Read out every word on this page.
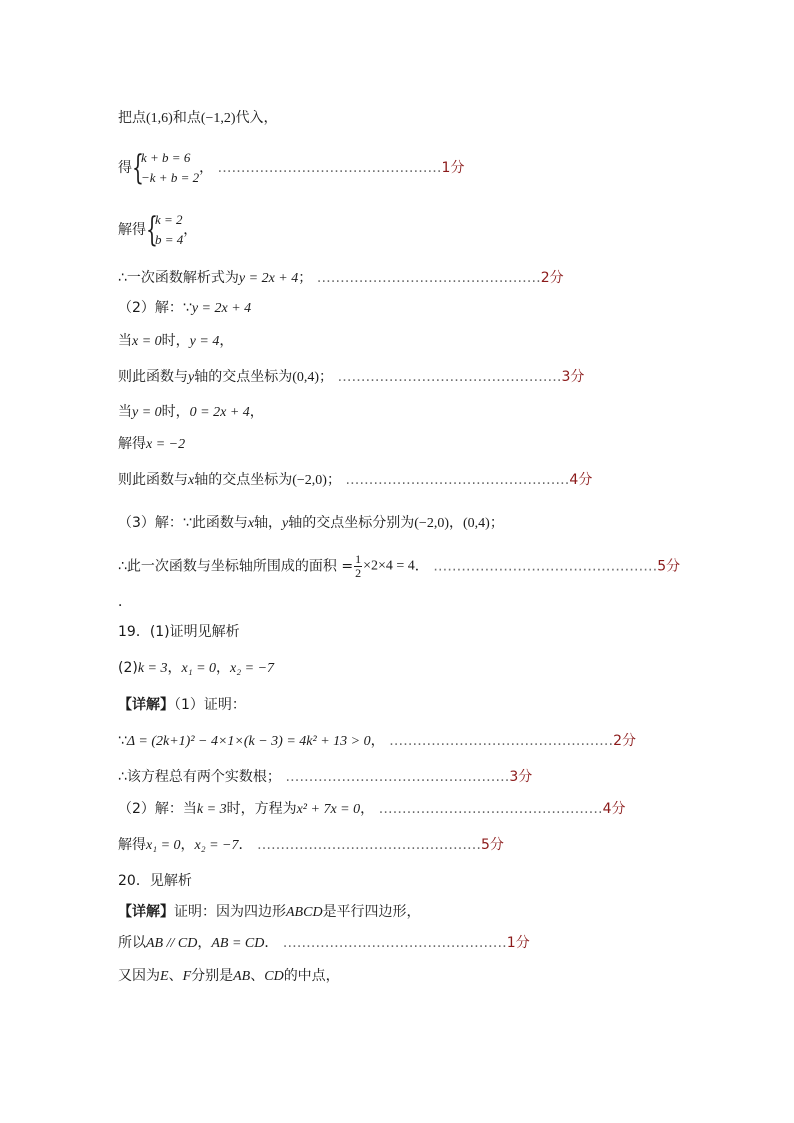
把点(1,6)和点(−1,2)代入，
得 {
k + b = 6
−k + b = 2
， …………………………………………1分
解得 {
k = 2
b = 4
，
∴一次函数解析式为y = 2x + 4； …………………………………………2分
（2）解：∵y = 2x + 4
当x = 0时，y = 4，
则此函数与y轴的交点坐标为(0,4)； …………………………………………3分
当y = 0时，0 = 2x + 4，
解得x = −2
则此函数与x轴的交点坐标为(−2,0)； …………………………………………4分
（3）解：∵此函数与x轴，y轴的交点坐标分别为(−2,0)，(0,4)；
∴此一次函数与坐标轴所围成的面积 = $\frac{1}{2} \times 2\times 4 = 4$． …………………………………………5分
．
19．(1)证明见解析
(2)k = 3，x₁ = 0，x₂ = −7
【详解】（1）证明：
∵Δ = (2k+1)² − 4×1×(k − 3) = 4k² + 13 > 0， …………………………………………2分
∴该方程总有两个实数根； …………………………………………3分
（2）解：当k = 3时，方程为x² + 7x = 0， …………………………………………4分
解得x₁ = 0，x₂ = −7． …………………………………………5分
20．见解析
【详解】证明：因为四边形ABCD是平行四边形，
所以AB // CD，AB = CD． …………………………………………1分
又因为E、F分别是AB、CD的中点，
